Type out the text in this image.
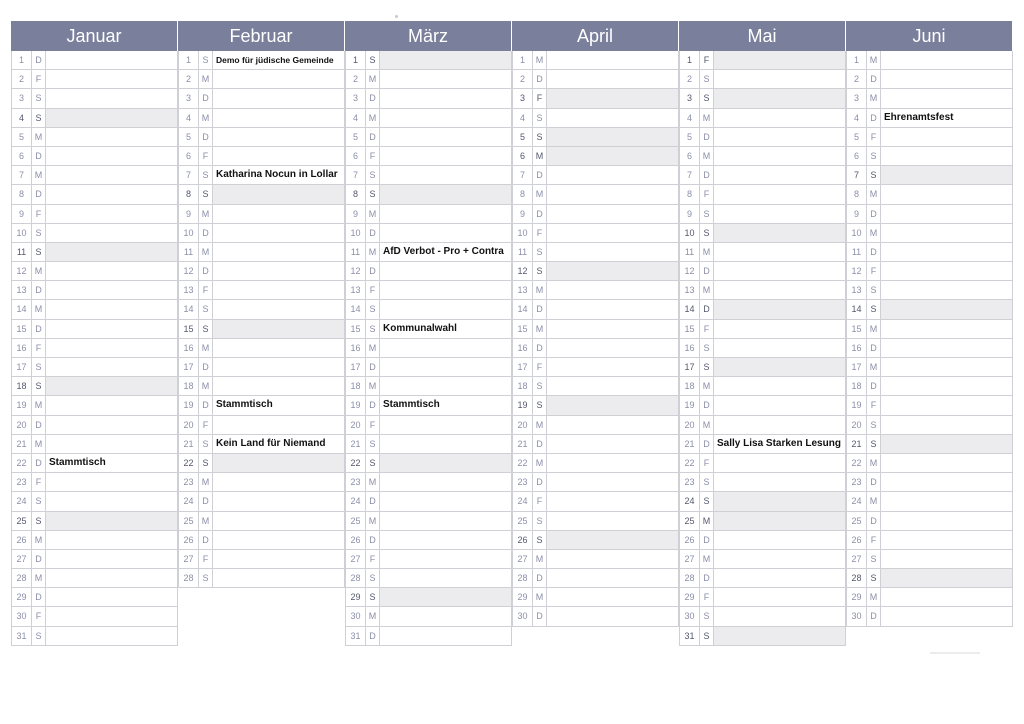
Januar
1	D
2	F
3	S
4	S
5	M
6	D
7	M
8	D
9	F
10 S
11	S
12 M
13 D
14 M
15 D
16	F
17 S
18 S
19 M
20 D
21 M
22 D Stammtisch
23	F
24 S
25 S
26 M
27 D
28 M
29 D
30	F
31 S
Februar
1	S Demo für jüdische Gemeinde
2	M
3	D
4	M
5	D
6	F
7	S Katharina Nocun in Lollar
8	S
9	M
10 D
11 M
12 D
13	F
14 S
15 S
16 M
17 D
18 M
19 D Stammtisch
20	F
21 S Kein Land für Niemand
22 S
23 M
24 D
25 M
26 D
27	F
28 S
März
1	S
2	M
3	D
4	M
5	D
6	F
7	S
8	S
9	M
10 D
11 M AfD Verbot - Pro + Contra
12 D
13	F
14 S
15 S Kommunalwahl
16 M
17 D
18 M
19 D Stammtisch
20	F
21 S
22 S
23 M
24 D
25 M
26 D
27	F
28 S
29 S
30 M
31 D
April
1	M
2	D
3	F
4	S
5	S
6	M
7	D
8	M
9	D
10	F
11	S
12 S
13 M
14 D
15 M
16 D
17	F
18 S
19 S
20 M
21 D
22 M
23 D
24	F
25 S
26 S
27 M
28 D
29 M
30 D
Mai
1	F
2	S
3	S
4	M
5	D
6	M
7	D
8	F
9	S
10 S
11 M
12 D
13 M
14 D
15	F
16 S
17 S
18 M
19 D
20 M
21 D Sally Lisa Starken Lesung
22	F
23 S
24 S
25 M
26 D
27 M
28 D
29	F
30 S
31 S
Juni
1	M
2	D
3	M
4	D Ehrenamtsfest
5	F
6	S
7	S
8	M
9	D
10 M
11	D
12	F
13 S
14 S
15 M
16 D
17 M
18 D
19	F
20 S
21 S
22 M
23 D
24 M
25 D
26	F
27 S
28 S
29 M
30 D
